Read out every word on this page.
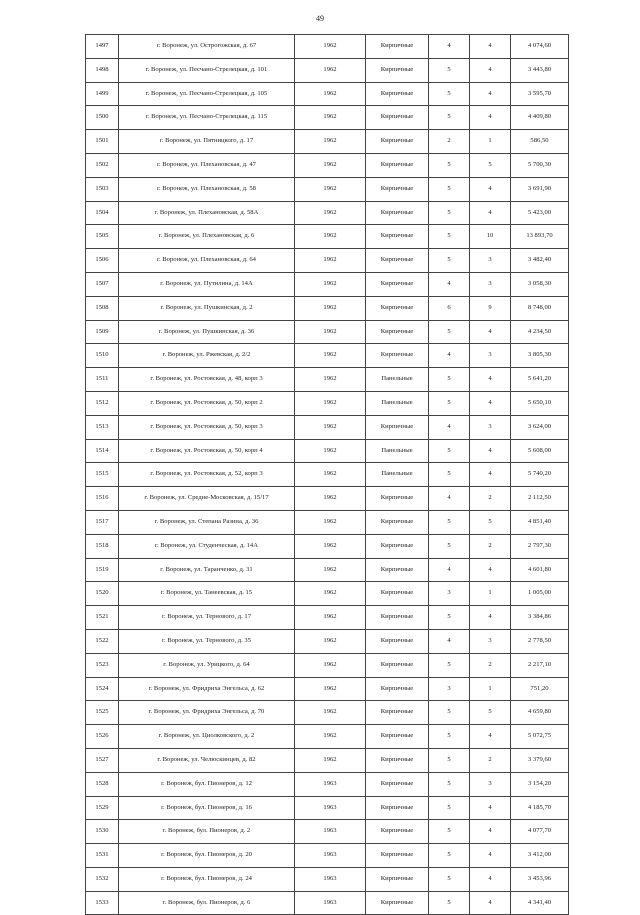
49
1497	г. Воронеж, ул. Острогожская, д. 67	1962	Кирпичные	4	4	4 074,60
1498	г. Воронеж, ул. Песчано-Стрелецкая, д. 101	1962	Кирпичные	5	4	3 443,80
1499	г. Воронеж, ул. Песчано-Стрелецкая, д. 105	1962	Кирпичные	5	4	3 595,70
1500	г. Воронеж, ул. Песчано-Стрелецкая, д. 115	1962	Кирпичные	5	4	4 409,80
1501	г. Воронеж, ул. Пятницкого, д. 17	1962	Кирпичные	2	1	586,50
1502	г. Воронеж, ул. Плехановская, д. 47	1962	Кирпичные	5	5	5 700,30
1503	г. Воронеж, ул. Плехановская, д. 58	1962	Кирпичные	5	4	3 691,90
1504	г. Воронеж, ул. Плехановская, д. 58А	1962	Кирпичные	5	4	5 423,00
1505	г. Воронеж, ул. Плехановская, д. 6	1962	Кирпичные	5	10	13 893,70
1506	г. Воронеж, ул. Плехановская, д. 64	1962	Кирпичные	5	3	3 482,40
1507	г. Воронеж, ул. Путилина, д. 14А	1962	Кирпичные	4	3	3 058,30
1508	г. Воронеж, ул. Пушкинская, д. 2	1962	Кирпичные	6	9	8 748,00
1509	г. Воронеж, ул. Пушкинская, д. 36	1962	Кирпичные	5	4	4 234,50
1510	г. Воронеж, ул. Ржевская, д. 2/2	1962	Кирпичные	4	3	3 805,30
1511	г. Воронеж, ул. Ростовская, д. 48, корп 3	1962	Панельные	5	4	5 641,20
1512	г. Воронеж, ул. Ростовская, д. 50, корп 2	1962	Панельные	5	4	5 650,10
1513	г. Воронеж, ул. Ростовская, д. 50, корп 3	1962	Кирпичные	4	3	3 624,00
1514	г. Воронеж, ул. Ростовская, д. 50, корп 4	1962	Панельные	5	4	5 608,00
1515	г. Воронеж, ул. Ростовская, д. 52, корп 3	1962	Панельные	5	4	5 740,20
1516	г. Воронеж, ул. Средне-Московская, д. 15/17	1962	Кирпичные	4	2	2 112,50
1517	г. Воронеж, ул. Степана Разина, д. 36	1962	Кирпичные	5	5	4 851,40
1518	г. Воронеж, ул. Студенческая, д. 14А	1962	Кирпичные	5	2	2 797,30
1519	г. Воронеж, ул. Таранченко, д. 31	1962	Кирпичные	4	4	4 601,80
1520	г. Воронеж, ул. Танеевская, д. 15	1962	Кирпичные	3	1	1 005,00
1521	г. Воронеж, ул. Тернового, д. 17	1962	Кирпичные	5	4	3 384,86
1522	г. Воронеж, ул. Тернового, д. 35	1962	Кирпичные	4	3	2 778,50
1523	г. Воронеж, ул. Урицкого, д. 64	1962	Кирпичные	5	2	2 217,10
1524	г. Воронеж, ул. Фридриха Энгельса, д. 62	1962	Кирпичные	3	1	751,20
1525	г. Воронеж, ул. Фридриха Энгельса, д. 70	1962	Кирпичные	5	5	4 659,80
1526	г. Воронеж, ул. Циолковского, д. 2	1962	Кирпичные	5	4	5 072,75
1527	г. Воронеж, ул. Челюскинцев, д. 82	1962	Кирпичные	5	2	3 379,60
1528	г. Воронеж, бул. Пионеров, д. 12	1963	Кирпичные	5	3	3 154,20
1529	г. Воронеж, бул. Пионеров, д. 16	1963	Кирпичные	5	4	4 185,70
1530	г. Воронеж, бул. Пионеров, д. 2	1963	Кирпичные	5	4	4 077,70
1531	г. Воронеж, бул. Пионеров, д. 20	1963	Кирпичные	5	4	3 412,00
1532	г. Воронеж, бул. Пионеров, д. 24	1963	Кирпичные	5	4	3 453,96
1533	г. Воронеж, бул. Пионеров, д. 6	1963	Кирпичные	5	4	4 341,40
